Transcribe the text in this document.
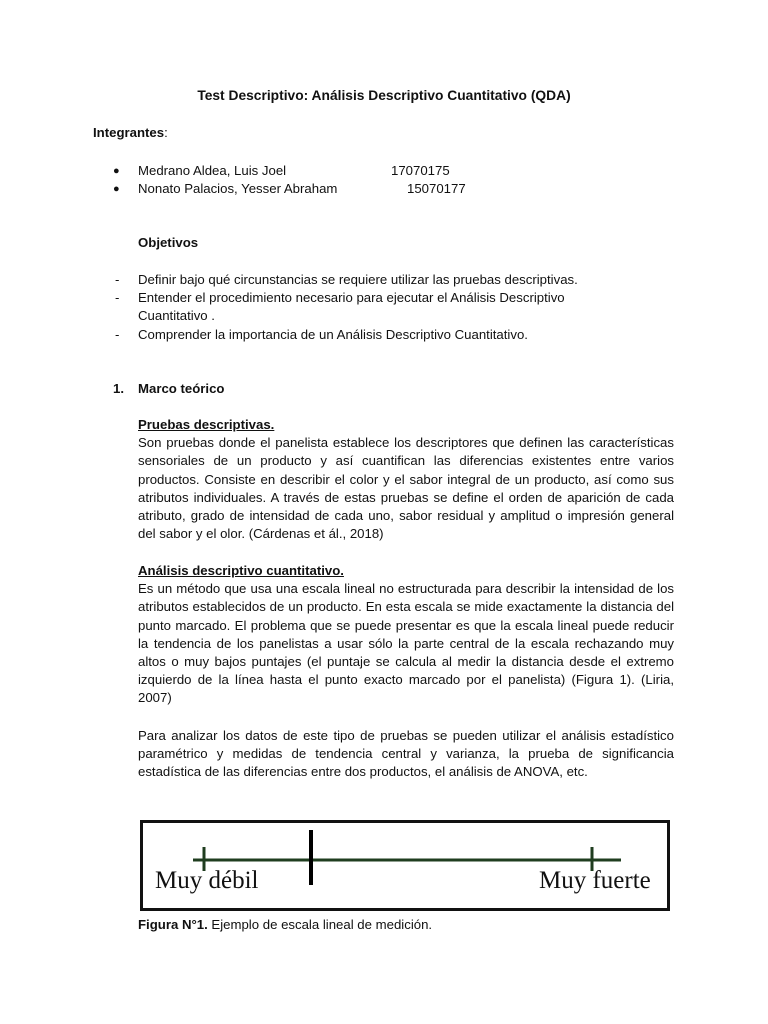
Test Descriptivo: Análisis Descriptivo Cuantitativo (QDA)
Integrantes:
● Medrano Aldea, Luis Joel	17070175
● Nonato Palacios, Yesser Abraham	15070177
Objetivos
- Definir bajo qué circunstancias se requiere utilizar las pruebas descriptivas.
- Entender el procedimiento necesario para ejecutar el Análisis Descriptivo Cuantitativo .
- Comprender la importancia de un Análisis Descriptivo Cuantitativo.
1. Marco teórico
Pruebas descriptivas.
Son pruebas donde el panelista establece los descriptores que definen las características sensoriales de un producto y así cuantifican las diferencias existentes entre varios productos. Consiste en describir el color y el sabor integral de un producto, así como sus atributos individuales. A través de estas pruebas se define el orden de aparición de cada atributo, grado de intensidad de cada uno, sabor residual y amplitud o impresión general del sabor y el olor. (Cárdenas et ál., 2018)
Análisis descriptivo cuantitativo.
Es un método que usa una escala lineal no estructurada para describir la intensidad de los atributos establecidos de un producto. En esta escala se mide exactamente la distancia del punto marcado. El problema que se puede presentar es que la escala lineal puede reducir la tendencia de los panelistas a usar sólo la parte central de la escala rechazando muy altos o muy bajos puntajes (el puntaje se calcula al medir la distancia desde el extremo izquierdo de la línea hasta el punto exacto marcado por el panelista) (Figura 1). (Liria, 2007)
Para analizar los datos de este tipo de pruebas se pueden utilizar el análisis estadístico paramétrico y medidas de tendencia central y varianza, la prueba de significancia estadística de las diferencias entre dos productos, el análisis de ANOVA, etc.
Muy débil	Muy fuerte
Figura N°1. Ejemplo de escala lineal de medición.
